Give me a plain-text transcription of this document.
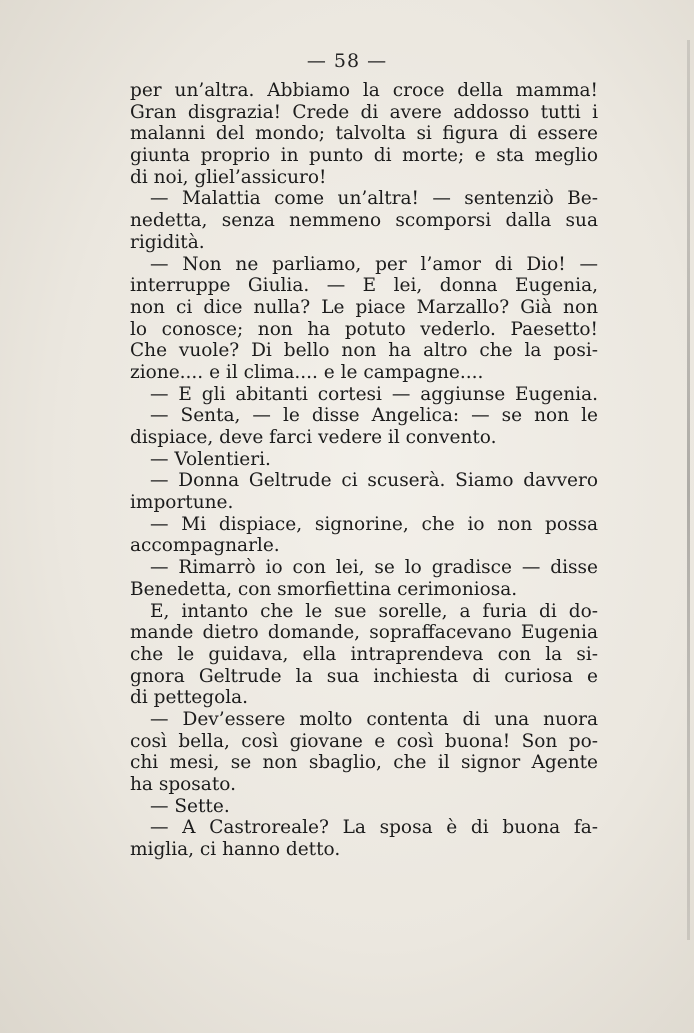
— 58 —
per un’altra. Abbiamo la croce della mamma!
Gran disgrazia! Crede di avere addosso tutti i
malanni del mondo; talvolta si figura di essere
giunta proprio in punto di morte; e sta meglio
di noi, gliel’assicuro!
— Malattia come un’altra! — sentenziò Be-
nedetta, senza nemmeno scomporsi dalla sua
rigidità.
— Non ne parliamo, per l’amor di Dio! —
interruppe Giulia. — E lei, donna Eugenia,
non ci dice nulla? Le piace Marzallo? Già non
lo conosce; non ha potuto vederlo. Paesetto!
Che vuole? Di bello non ha altro che la posi-
zione.... e il clima.... e le campagne....
— E gli abitanti cortesi — aggiunse Eugenia.
— Senta, — le disse Angelica: — se non le
dispiace, deve farci vedere il convento.
— Volentieri.
— Donna Geltrude ci scuserà. Siamo davvero
importune.
— Mi dispiace, signorine, che io non possa
accompagnarle.
— Rimarrò io con lei, se lo gradisce — disse
Benedetta, con smorfiettina cerimoniosa.
E, intanto che le sue sorelle, a furia di do-
mande dietro domande, sopraffacevano Eugenia
che le guidava, ella intraprendeva con la si-
gnora Geltrude la sua inchiesta di curiosa e
di pettegola.
— Dev’essere molto contenta di una nuora
così bella, così giovane e così buona! Son po-
chi mesi, se non sbaglio, che il signor Agente
ha sposato.
— Sette.
— A Castroreale? La sposa è di buona fa-
miglia, ci hanno detto.
